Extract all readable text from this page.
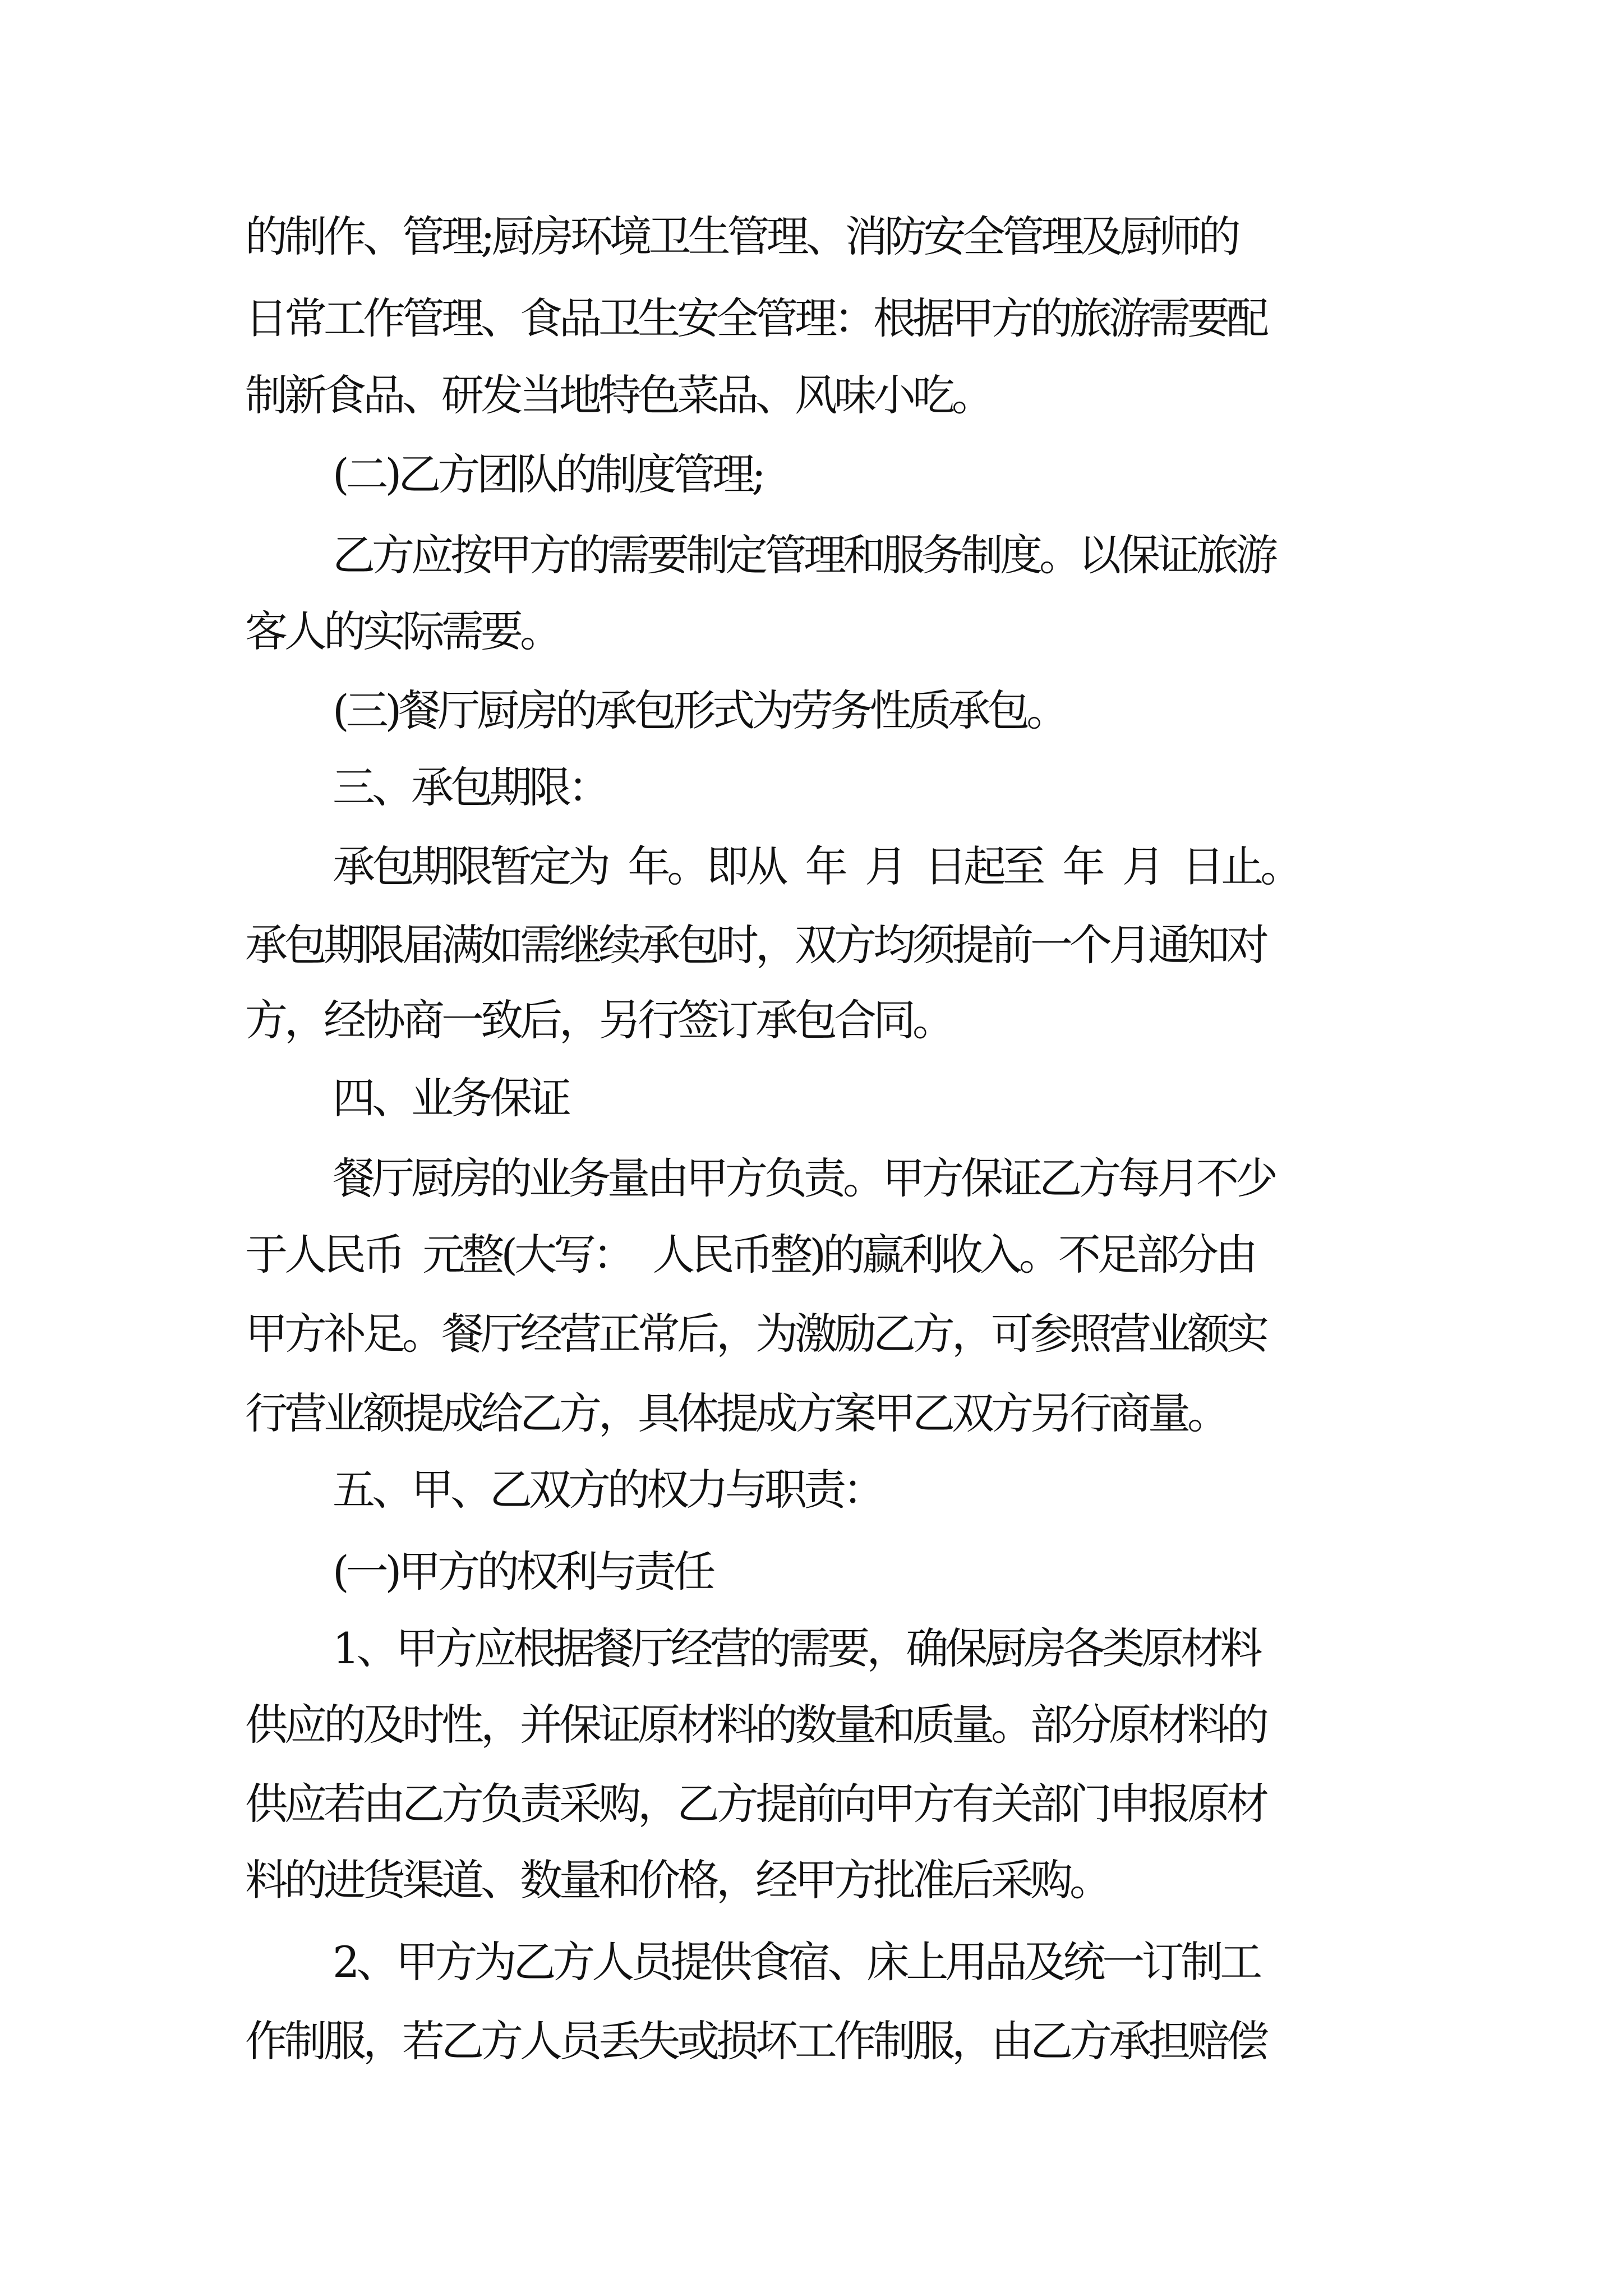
的制作、管理;厨房环境卫生管理、消防安全管理及厨师的
日常工作管理、食品卫生安全管理：根据甲方的旅游需要配
制新食品、研发当地特色菜品、风味小吃。
(二)乙方团队的制度管理;
乙方应按甲方的需要制定管理和服务制度。以保证旅游
客人的实际需要。
(三)餐厅厨房的承包形式为劳务性质承包。
三、承包期限：
承包期限暂定为  年。即从  年  月  日起至  年  月  日止。
承包期限届满如需继续承包时，双方均须提前一个月通知对
方，经协商一致后，另行签订承包合同。
四、业务保证
餐厅厨房的业务量由甲方负责。甲方保证乙方每月不少
于人民币  元整(大写：  人民币整)的赢利收入。不足部分由
甲方补足。餐厅经营正常后，为激励乙方，可参照营业额实
行营业额提成给乙方，具体提成方案甲乙双方另行商量。
五、甲、乙双方的权力与职责：
(一)甲方的权利与责任
1、甲方应根据餐厅经营的需要，确保厨房各类原材料
供应的及时性，并保证原材料的数量和质量。部分原材料的
供应若由乙方负责采购，乙方提前向甲方有关部门申报原材
料的进货渠道、数量和价格，经甲方批准后采购。
2、甲方为乙方人员提供食宿、床上用品及统一订制工
作制服，若乙方人员丢失或损坏工作制服，由乙方承担赔偿
